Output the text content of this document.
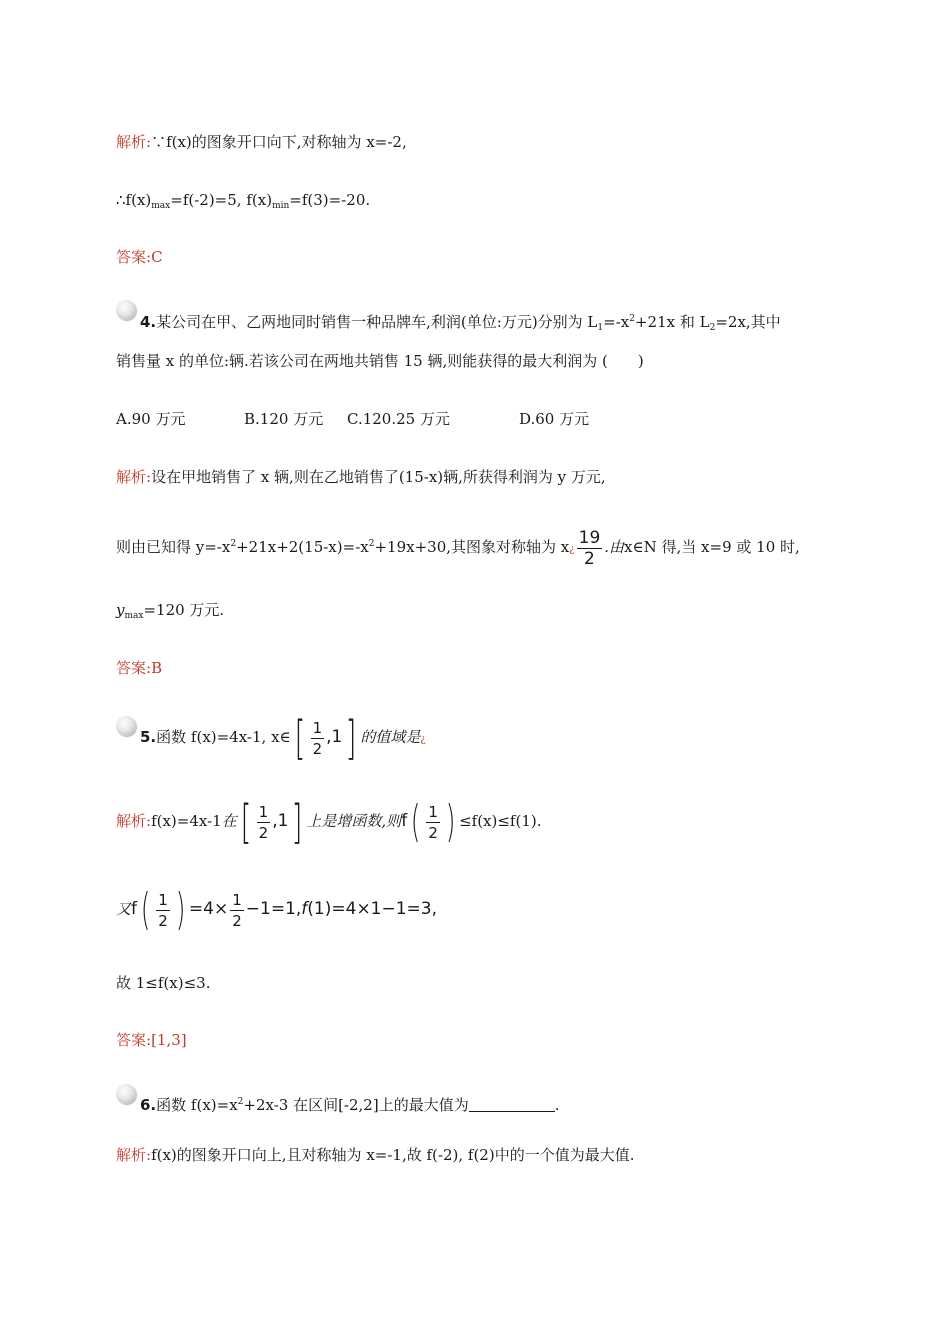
解析:∵f(x)的图象开口向下,对称轴为 x=-2,
$\therefore f(x)_{max}=f(-2)=5$, $f(x)_{min}=f(3)=-20$.
答案:C
4.某公司在甲、乙两地同时销售一种品牌车,利润(单位:万元)分别为 $L_1=-x^2+21x$ 和 $L_2=2x$,其中
销售量 x 的单位:辆.若该公司在两地共销售 15 辆,则能获得的最大利润为 (　　)
A.90 万元	B.120 万元 C.120.25 万元	D.60 万元
解析:设在甲地销售了 x 辆,则在乙地销售了(15-x)辆,所获得利润为 y 万元,
则由已知得 $y=-x^2+21x+2(15-x)=-x^2+19x+30$,其图象对称轴为 x¿ $\frac{19}{2}$ .由x∈N 得,当 x=9 或 10 时,
$y_{max}=120$ 万元.
答案:B
5.函数 f(x)=4x-1, x∈[ $\frac{1}{2} ,1$] 的值域是¿
解析:f(x)=4x-1在[ $\frac{1}{2} ,1$] 上是增函数,则$f( \frac{1}{2}$ ) ≤f(x)≤f(1).
又$f( \frac{1}{2}$ ) $=4\times \frac{1}{2} -1=1,f(1)=4\times 1-1=3$,
故 1≤f(x)≤3.
答案:[1,3]
6.函数 $f(x)=x^2+2x-3$ 在区间[-2,2]上的最大值为	.
解析:f(x)的图象开口向上,且对称轴为 x=-1,故 f(-2), f(2)中的一个值为最大值.
